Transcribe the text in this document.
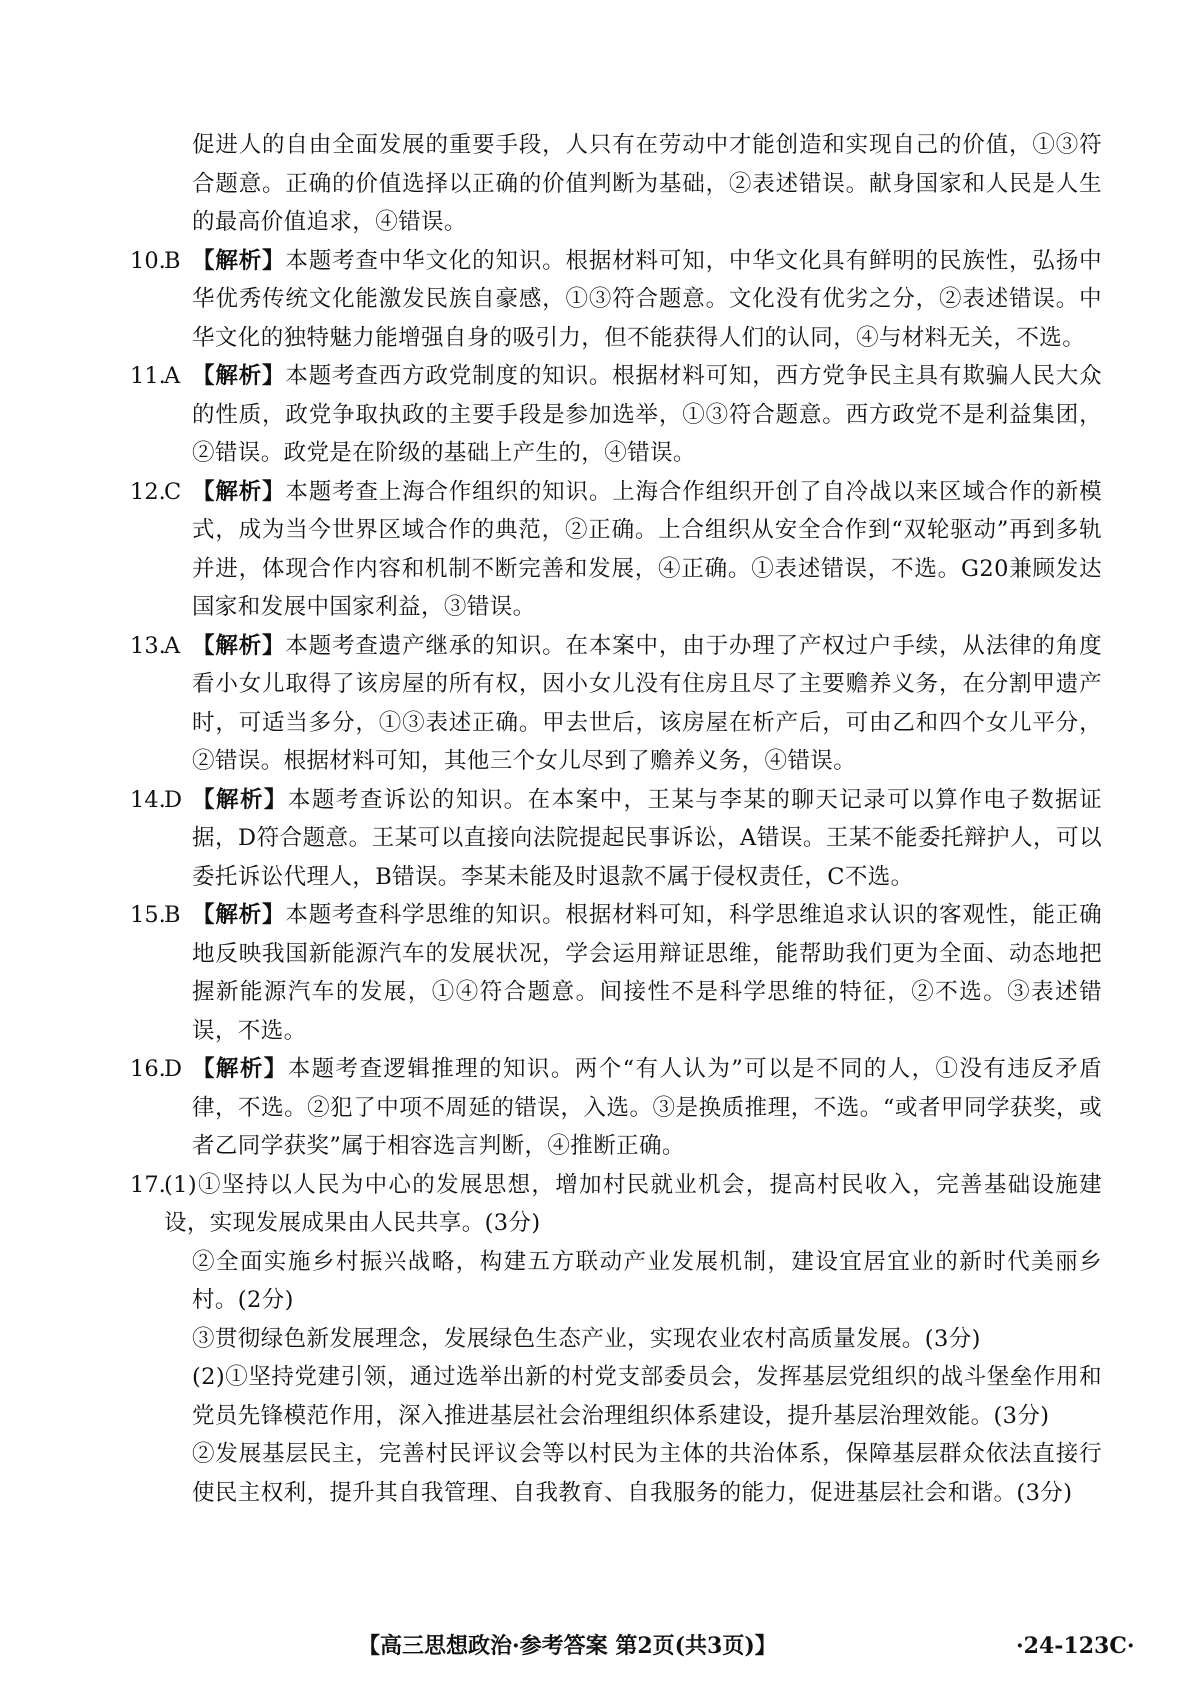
促进人的自由全面发展的重要手段，人只有在劳动中才能创造和实现自己的价值，①③符合题意。正确的价值选择以正确的价值判断为基础，②表述错误。献身国家和人民是人生的最高价值追求，④错误。

10.
B 【解析】本题考查中华文化的知识。根据材料可知，中华文化具有鲜明的民族性，弘扬中华优秀传统文化能激发民族自豪感，①③符合题意。文化没有优劣之分，②表述错误。中华文化的独特魅力能增强自身的吸引力，但不能获得人们的认同，④与材料无关，不选。

11.
A 【解析】本题考查西方政党制度的知识。根据材料可知，西方党争民主具有欺骗人民大众的性质，政党争取执政的主要手段是参加选举，①③符合题意。西方政党不是利益集团，②错误。政党是在阶级的基础上产生的，④错误。

12.
C 【解析】本题考查上海合作组织的知识。上海合作组织开创了自冷战以来区域合作的新模式，成为当今世界区域合作的典范，②正确。上合组织从安全合作到“双轮驱动”再到多轨并进，体现合作内容和机制不断完善和发展，④正确。①表述错误，不选。G20兼顾发达国家和发展中国家利益，③错误。

13.
A 【解析】本题考查遗产继承的知识。在本案中，由于办理了产权过户手续，从法律的角度看小女儿取得了该房屋的所有权，因小女儿没有住房且尽了主要赡养义务，在分割甲遗产时，可适当多分，①③表述正确。甲去世后，该房屋在析产后，可由乙和四个女儿平分，②错误。根据材料可知，其他三个女儿尽到了赡养义务，④错误。

14.
D 【解析】本题考查诉讼的知识。在本案中，王某与李某的聊天记录可以算作电子数据证据，D符合题意。王某可以直接向法院提起民事诉讼，A错误。王某不能委托辩护人，可以委托诉讼代理人，B错误。李某未能及时退款不属于侵权责任，C不选。

15.
B 【解析】本题考查科学思维的知识。根据材料可知，科学思维追求认识的客观性，能正确地反映我国新能源汽车的发展状况，学会运用辩证思维，能帮助我们更为全面、动态地把握新能源汽车的发展，①④符合题意。间接性不是科学思维的特征，②不选。③表述错误，不选。

16.
D 【解析】本题考查逻辑推理的知识。两个“有人认为”可以是不同的人，①没有违反矛盾律，不选。②犯了中项不周延的错误，入选。③是换质推理，不选。“或者甲同学获奖，或者乙同学获奖”属于相容选言判断，④推断正确。

17.

(1)①坚持以人民为中心的发展思想，增加村民就业机会，提高村民收入，完善基础设施建设，实现发展成果由人民共享。(3分)

②全面实施乡村振兴战略，构建五方联动产业发展机制，建设宜居宜业的新时代美丽乡村。(2分)

③贯彻绿色新发展理念，发展绿色生态产业，实现农业农村高质量发展。(3分)

(2)①坚持党建引领，通过选举出新的村党支部委员会，发挥基层党组织的战斗堡垒作用和党员先锋模范作用，深入推进基层社会治理组织体系建设，提升基层治理效能。(3分)

②发展基层民主，完善村民评议会等以村民为主体的共治体系，保障基层群众依法直接行使民主权利，提升其自我管理、自我教育、自我服务的能力，促进基层社会和谐。(3分)

【高三思想政治·参考答案 第2页(共3页)】	·24-123C·
